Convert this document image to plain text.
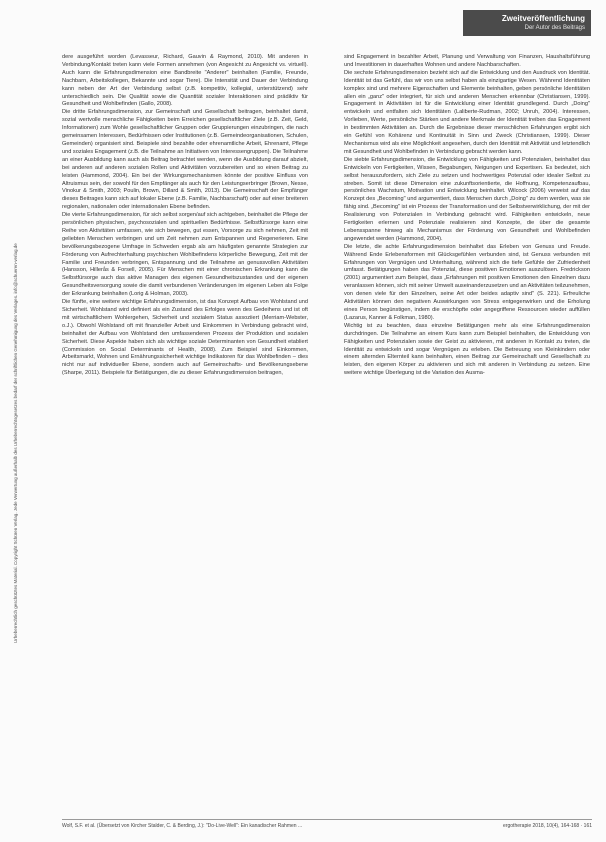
Zweitveröffentlichung
Der Autor des Beitrags
Urheberrechtlich geschütztes Material. Copyright Schüren Verlag. Jede Verwertung außerhalb des Urheberrechtsgesetzes bedarf der schriftlichen Genehmigung des Verlages. info@schueren-verlag.de

dere ausgeführt worden (Levasseur, Richard, Gauvin & Raymond, 2010). Mit anderen in Verbindung/Kontakt treten kann viele Formen annehmen (von Angesicht zu Angesicht vs. virtuell). Auch kann die Erfahrungsdimension eine Bandbreite "Anderer" beinhalten (Familie, Freunde, Nachbarn, Arbeitskollegen, Bekannte und sogar Tiere). Die Intensität und Dauer der Verbindung kann neben der Art der Verbindung selbst (z.B. kompetitiv, kollegial, unterstützend) sehr unterschiedlich sein. Die Qualität sowie die Quantität sozialer Interaktionen sind prädiktiv für Gesundheit und Wohlbefinden (Gallo, 2008).

Die dritte Erfahrungsdimension, zur Gemeinschaft und Gesellschaft beitragen, beinhaltet damit, sozial wertvolle menschliche Fähigkeiten beim Erreichen gesellschaftlicher Ziele (z.B. Zeit, Geld, Informationen) zum Wohle gesellschaftlicher Gruppen oder Gruppierungen einzubringen, die nach gemeinsamen Interessen, Bedürfnissen oder Institutionen (z.B. Gemeindeorganisationen, Schulen, Gemeinden) organisiert sind. Beispiele sind bezahlte oder ehrenamtliche Arbeit, Ehrenamt, Pflege und soziales Engagement (z.B. die Teilnahme an Initiativen von Interessengruppen). Die Teilnahme an einer Ausbildung kann auch als Beitrag betrachtet werden, wenn die Ausbildung darauf abzielt, bei anderen auf anderen sozialen Rollen und Aktivitäten vorzubereiten und so einen Beitrag zu leisten (Hammond, 2004). Ein bei der Wirkungsmechanismen könnte der positive Einfluss von Altruismus sein, der sowohl für den Empfänger als auch für den Leistungserbringer (Brown, Nesse, Vinokur & Smith, 2003; Poulin, Brown, Dillard & Smith, 2013). Die Gemeinschaft der Empfänger dieses Beitrages kann sich auf lokaler Ebene (z.B. Familie, Nachbarschaft) oder auf einer breiteren regionalen, nationalen oder internationalen Ebene befinden.

Die vierte Erfahrungsdimension, für sich selbst sorgen/auf sich achtgeben, beinhaltet die Pflege der persönlichen physischen, psychosozialen und spirituellen Bedürfnisse. Selbstfürsorge kann eine Reihe von Aktivitäten umfassen, wie sich bewegen, gut essen, Vorsorge zu sich nehmen, Zeit mit geliebten Menschen verbringen und um Zeit nehmen zum Entspannen und Regenerieren. Eine bevölkerungsbezogene Umfrage in Schweden ergab als am häufigsten genannte Strategien zur Förderung von Aufrechterhaltung psychischen Wohlbefindens körperliche Bewegung, Zeit mit der Familie und Freunden verbringen, Entspannung und die Teilnahme an genussvollen Aktivitäten (Hansson, Hillerås & Forsell, 2005). Für Menschen mit einer chronischen Erkrankung kann die Selbstfürsorge auch das aktive Managen des eigenen Gesundheitszustandes und der eigenen Gesundheitsversorgung sowie die damit verbundenen Veränderungen im eigenen Leben als Folge der Erkrankung beinhalten (Lorig & Holman, 2003).

Die fünfte, eine weitere wichtige Erfahrungsdimension, ist das Konzept Aufbau von Wohlstand und Sicherheit. Wohlstand wird definiert als ein Zustand des Erfolges wenn des Gedeihens und ist oft mit wirtschaftlichem Wohlergehen, Sicherheit und sozialem Status assoziiert (Merriam-Webster, o.J.). Obwohl Wohlstand oft mit finanzieller Arbeit und Einkommen in Verbindung gebracht wird, beinhaltet der Aufbau von Wohlstand den umfassenderen Prozess der Produktion und sozialen Sicherheit. Diese Aspekte haben sich als wichtige soziale Determinanten von Gesundheit etabliert (Commission on Social Determinants of Health, 2008). Zum Beispiel sind Einkommen, Arbeitsmarkt, Wohnen und Ernährungssicherheit wichtige Indikatoren für das Wohlbefinden – dies nicht nur auf individueller Ebene, sondern auch auf Gemeinschafts- und Bevölkerungsebene (Sharpe, 2011). Beispiele für Betätigungen, die zu dieser Erfahrungsdimension beitragen,

sind Engagement in bezahlter Arbeit, Planung und Verwaltung von Finanzen, Haushaltsführung und Investitionen in dauerhaftes Wohnen und andere Nachbarschaften.

Die sechste Erfahrungsdimension bezieht sich auf die Entwicklung und den Ausdruck von Identität. Identität ist das Gefühl, das wir von uns selbst haben als einzigartige Wesen. Während Identitäten komplex sind und mehrere Eigenschaften und Elemente beinhalten, geben persönliche Identitäten allen ein „ganz" oder integriert, für sich und anderen Menschen erkennbar (Christiansen, 1999). Engagement in Aktivitäten ist für die Entwicklung einer Identität grundlegend. Durch „Doing" entwickeln und entfalten sich Identitäten (Laliberte-Rudman, 2002; Unruh, 2004). Interessen, Vorlieben, Werte, persönliche Stärken und andere Merkmale der Identität treiben das Engagement in bestimmten Aktivitäten an. Durch die Ergebnisse dieser menschlichen Erfahrungen ergibt sich ein Gefühl von Kohärenz und Kontinuität in Sinn und Zweck (Christiansen, 1999). Dieser Mechanismus wird als eine Möglichkeit angesehen, durch den Identität mit Aktivität und letztendlich mit Gesundheit und Wohlbefinden in Verbindung gebracht werden kann.

Die siebte Erfahrungsdimension, die Entwicklung von Fähigkeiten und Potenzialen, beinhaltet das Entwickeln von Fertigkeiten, Wissen, Begabungen, Neigungen und Expertisen. Es bedeutet, sich selbst herauszufordern, sich Ziele zu setzen und hochwertiges Potenzial oder idealer Selbst zu streben. Somit ist diese Dimension eine zukunftsorientierte, die Hoffnung, Kompetenzaufbau, persönliches Wachstum, Motivation und Entwicklung beinhaltet. Wilcock (2006) verweist auf das Konzept des „Becoming" und argumentiert, dass Menschen durch „Doing" zu dem werden, was sie fähig sind. „Becoming" ist ein Prozess der Transformation und der Selbstverwirklichung, der mit der Realisierung von Potenzialen in Verbindung gebracht wird. Fähigkeiten entwickeln, neue Fertigkeiten erlernen und Potenziale realisieren sind Konzepte, die über die gesamte Lebensspanne hinweg als Mechanismus der Förderung von Gesundheit und Wohlbefinden angewendet werden (Hammond, 2004).

Die letzte, die achte Erfahrungsdimension beinhaltet das Erleben von Genuss und Freude. Während Ende Erlebensformen mit Glücksgefühlen verbunden sind, ist Genuss verbunden mit Erfahrungen von Vergnügen und Unterhaltung, während sich die tiefe Gefühle der Zufriedenheit umfasst. Betätigungen haben das Potenzial, diese positiven Emotionen auszulösen. Fredrickson (2001) argumentiert zum Beispiel, dass „Erfahrungen mit positiven Emotionen den Einzelnen dazu veranlassen können, sich mit seiner Umwelt auseinanderzusetzen und an Aktivitäten teilzunehmen, von denen viele für den Einzelnen, seine Art oder beides adaptiv sind" (S. 221). Erfreuliche Aktivitäten können den negativen Auswirkungen von Stress entgegenwirken und die Erholung eines Person begünstigen, indem die erschöpfte oder angegriffene Ressourcen wieder auffüllen (Lazarus, Kanner & Folkman, 1980).

Wichtig ist zu beachten, dass einzelne Betätigungen mehr als eine Erfahrungsdimension durchdringen. Die Teilnahme an einem Kurs kann zum Beispiel beinhalten, die Entwicklung von Fähigkeiten und Potenzialen sowie der Geist zu aktivieren, mit anderen in Kontakt zu treten, die Identität zu entwickeln und sogar Vergnügen zu erleben. Die Betreuung von Kleinkindern oder einem alternden Elternteil kann beinhalten, einen Beitrag zur Gemeinschaft und Gesellschaft zu leisten, den eigenen Körper zu aktivieren und sich mit anderen in Verbindung zu setzen. Eine weitere wichtige Überlegung ist die Variation des Ausma-

Wolf, S.F. et al. (Übersetzt von Kircher Stalder, C. & Berding, J.): "Do-Live-Well": Ein kanadischer Rahmen ...	ergotherapie 2018, 10(4), 164-168 · 161
